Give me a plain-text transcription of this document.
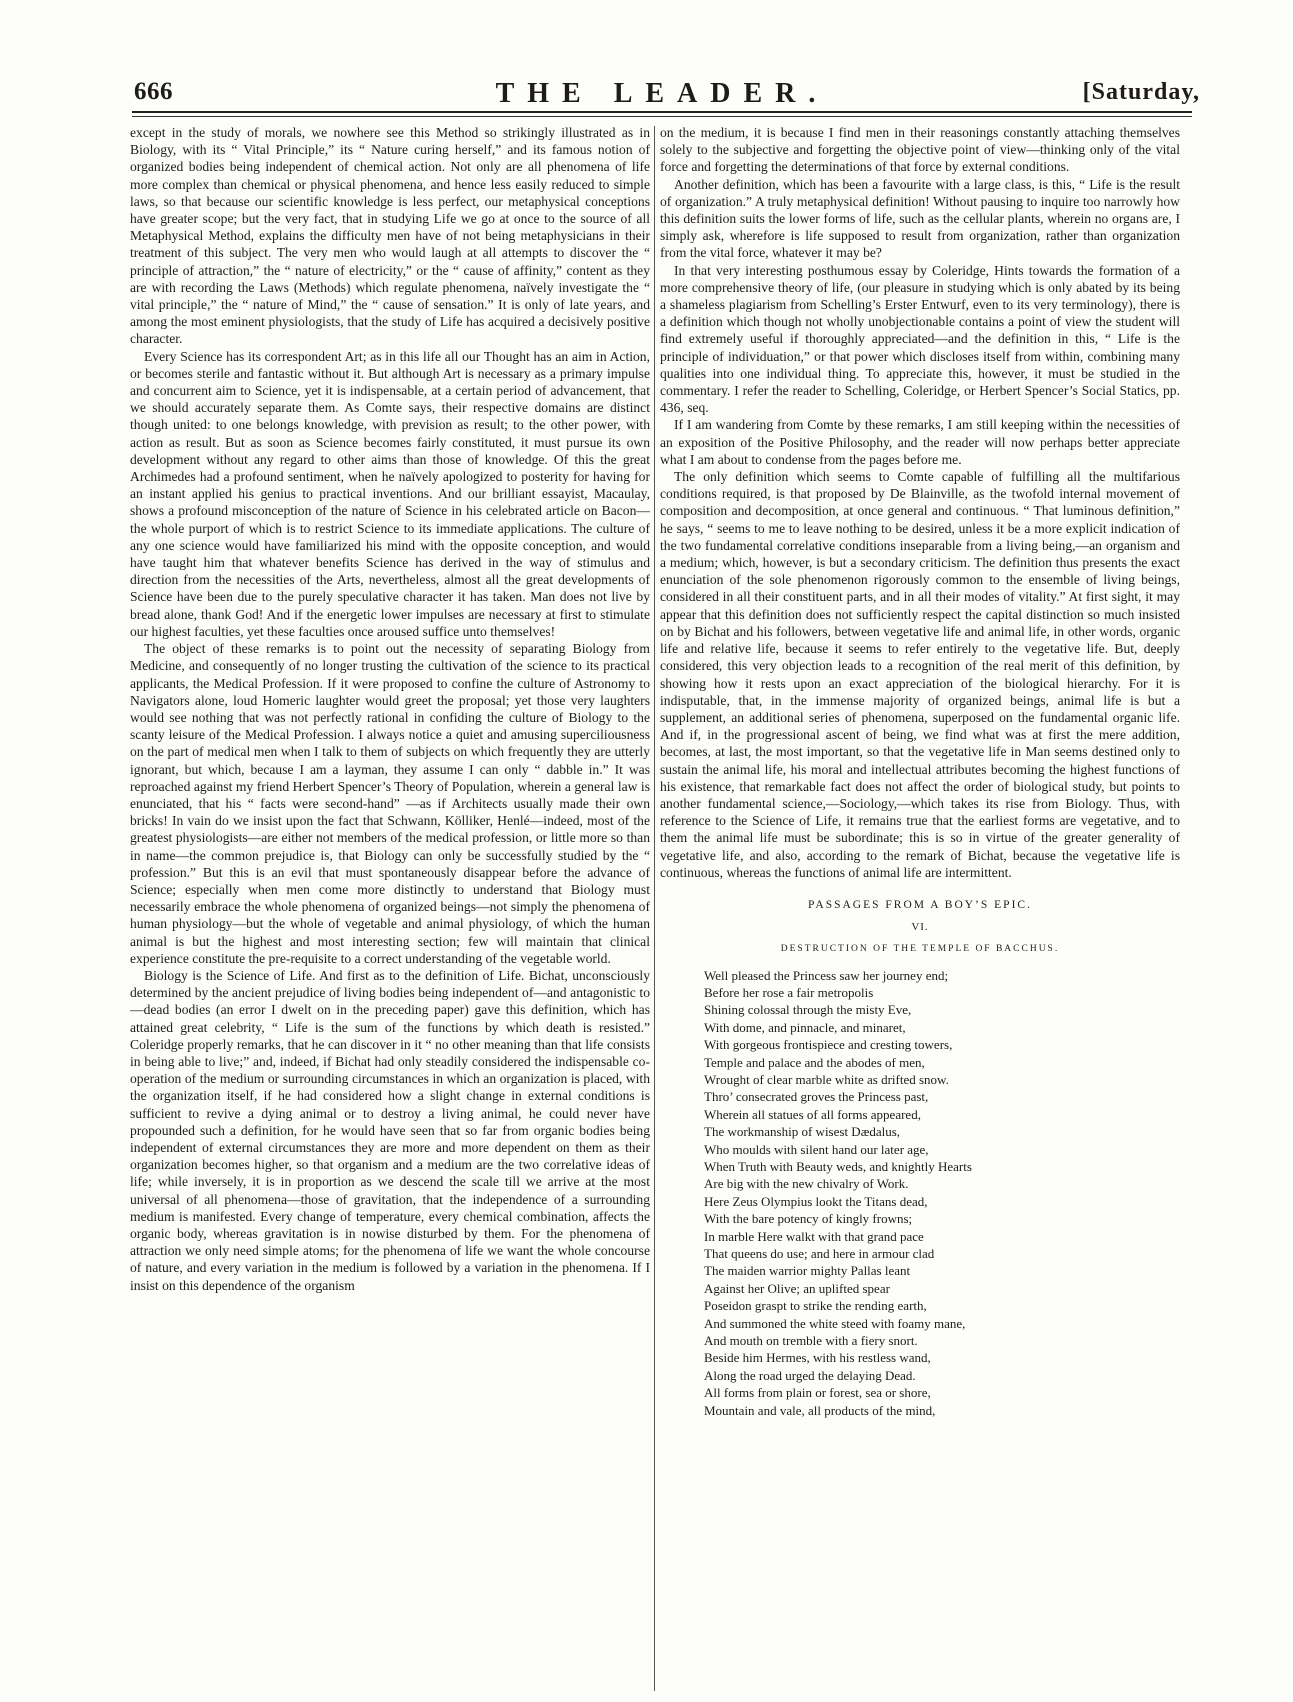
666	THE LEADER.	[Saturday,

except in the study of morals, we nowhere see this Method so strikingly illustrated as in Biology, with its “ Vital Principle,” its “ Nature curing herself,” and its famous notion of organized bodies being independent of chemical action. Not only are all phenomena of life more complex than chemical or physical phenomena, and hence less easily reduced to simple laws, so that because our scientific knowledge is less perfect, our metaphysical conceptions have greater scope; but the very fact, that in studying Life we go at once to the source of all Metaphysical Method, explains the difficulty men have of not being metaphysicians in their treatment of this subject. The very men who would laugh at all attempts to discover the “ principle of attraction,” the “ nature of electricity,” or the “ cause of affinity,” content as they are with recording the Laws (Methods) which regulate phenomena, naïvely investigate the “ vital principle,” the “ nature of Mind,” the “ cause of sensation.” It is only of late years, and among the most eminent physiologists, that the study of Life has acquired a decisively positive character.

Every Science has its correspondent Art; as in this life all our Thought has an aim in Action, or becomes sterile and fantastic without it. But although Art is necessary as a primary impulse and concurrent aim to Science, yet it is indispensable, at a certain period of advancement, that we should accurately separate them. As Comte says, their respective domains are distinct though united: to one belongs knowledge, with prevision as result; to the other power, with action as result. But as soon as Science becomes fairly constituted, it must pursue its own development without any regard to other aims than those of knowledge. Of this the great Archimedes had a profound sentiment, when he naïvely apologized to posterity for having for an instant applied his genius to practical inventions. And our brilliant essayist, Macaulay, shows a profound misconception of the nature of Science in his celebrated article on Bacon—the whole purport of which is to restrict Science to its immediate applications. The culture of any one science would have familiarized his mind with the opposite conception, and would have taught him that whatever benefits Science has derived in the way of stimulus and direction from the necessities of the Arts, nevertheless, almost all the great developments of Science have been due to the purely speculative character it has taken. Man does not live by bread alone, thank God! And if the energetic lower impulses are necessary at first to stimulate our highest faculties, yet these faculties once aroused suffice unto themselves!

The object of these remarks is to point out the necessity of separating Biology from Medicine, and consequently of no longer trusting the cultivation of the science to its practical applicants, the Medical Profession. If it were proposed to confine the culture of Astronomy to Navigators alone, loud Homeric laughter would greet the proposal; yet those very laughters would see nothing that was not perfectly rational in confiding the culture of Biology to the scanty leisure of the Medical Profession. I always notice a quiet and amusing superciliousness on the part of medical men when I talk to them of subjects on which frequently they are utterly ignorant, but which, because I am a layman, they assume I can only “ dabble in.” It was reproached against my friend Herbert Spencer’s Theory of Population, wherein a general law is enunciated, that his “ facts were second-hand” —as if Architects usually made their own bricks! In vain do we insist upon the fact that Schwann, Kölliker, Henlé—indeed, most of the greatest physiologists—are either not members of the medical profession, or little more so than in name—the common prejudice is, that Biology can only be successfully studied by the “ profession.” But this is an evil that must spontaneously disappear before the advance of Science; especially when men come more distinctly to understand that Biology must necessarily embrace the whole phenomena of organized beings—not simply the phenomena of human physiology—but the whole of vegetable and animal physiology, of which the human animal is but the highest and most interesting section; few will maintain that clinical experience constitute the pre-requisite to a correct understanding of the vegetable world.

Biology is the Science of Life. And first as to the definition of Life. Bichat, unconsciously determined by the ancient prejudice of living bodies being independent of—and antagonistic to—dead bodies (an error I dwelt on in the preceding paper) gave this definition, which has attained great celebrity, “ Life is the sum of the functions by which death is resisted.” Coleridge properly remarks, that he can discover in it “ no other meaning than that life consists in being able to live;” and, indeed, if Bichat had only steadily considered the indispensable co-operation of the medium or surrounding circumstances in which an organization is placed, with the organization itself, if he had considered how a slight change in external conditions is sufficient to revive a dying animal or to destroy a living animal, he could never have propounded such a definition, for he would have seen that so far from organic bodies being independent of external circumstances they are more and more dependent on them as their organization becomes higher, so that organism and a medium are the two correlative ideas of life; while inversely, it is in proportion as we descend the scale till we arrive at the most universal of all phenomena—those of gravitation, that the independence of a surrounding medium is manifested. Every change of temperature, every chemical combination, affects the organic body, whereas gravitation is in nowise disturbed by them. For the phenomena of attraction we only need simple atoms; for the phenomena of life we want the whole concourse of nature, and every variation in the medium is followed by a variation in the phenomena. If I insist on this dependence of the organism

on the medium, it is because I find men in their reasonings constantly attaching themselves solely to the subjective and forgetting the objective point of view—thinking only of the vital force and forgetting the determinations of that force by external conditions.

Another definition, which has been a favourite with a large class, is this, “ Life is the result of organization.” A truly metaphysical definition! Without pausing to inquire too narrowly how this definition suits the lower forms of life, such as the cellular plants, wherein no organs are, I simply ask, wherefore is life supposed to result from organization, rather than organization from the vital force, whatever it may be?

In that very interesting posthumous essay by Coleridge, Hints towards the formation of a more comprehensive theory of life, (our pleasure in studying which is only abated by its being a shameless plagiarism from Schelling’s Erster Entwurf, even to its very terminology), there is a definition which though not wholly unobjectionable contains a point of view the student will find extremely useful if thoroughly appreciated—and the definition in this, “ Life is the principle of individuation,” or that power which discloses itself from within, combining many qualities into one individual thing. To appreciate this, however, it must be studied in the commentary. I refer the reader to Schelling, Coleridge, or Herbert Spencer’s Social Statics, pp. 436, seq.

If I am wandering from Comte by these remarks, I am still keeping within the necessities of an exposition of the Positive Philosophy, and the reader will now perhaps better appreciate what I am about to condense from the pages before me.

The only definition which seems to Comte capable of fulfilling all the multifarious conditions required, is that proposed by De Blainville, as the twofold internal movement of composition and decomposition, at once general and continuous. “ That luminous definition,” he says, “ seems to me to leave nothing to be desired, unless it be a more explicit indication of the two fundamental correlative conditions inseparable from a living being,—an organism and a medium; which, however, is but a secondary criticism. The definition thus presents the exact enunciation of the sole phenomenon rigorously common to the ensemble of living beings, considered in all their constituent parts, and in all their modes of vitality.” At first sight, it may appear that this definition does not sufficiently respect the capital distinction so much insisted on by Bichat and his followers, between vegetative life and animal life, in other words, organic life and relative life, because it seems to refer entirely to the vegetative life. But, deeply considered, this very objection leads to a recognition of the real merit of this definition, by showing how it rests upon an exact appreciation of the biological hierarchy. For it is indisputable, that, in the immense majority of organized beings, animal life is but a supplement, an additional series of phenomena, superposed on the fundamental organic life. And if, in the progressional ascent of being, we find what was at first the mere addition, becomes, at last, the most important, so that the vegetative life in Man seems destined only to sustain the animal life, his moral and intellectual attributes becoming the highest functions of his existence, that remarkable fact does not affect the order of biological study, but points to another fundamental science,—Sociology,—which takes its rise from Biology. Thus, with reference to the Science of Life, it remains true that the earliest forms are vegetative, and to them the animal life must be subordinate; this is so in virtue of the greater generality of vegetative life, and also, according to the remark of Bichat, because the vegetative life is continuous, whereas the functions of animal life are intermittent.

PASSAGES FROM A BOY’S EPIC.
VI.
DESTRUCTION OF THE TEMPLE OF BACCHUS.
Well pleased the Princess saw her journey end;
Before her rose a fair metropolis
Shining colossal through the misty Eve,
With dome, and pinnacle, and minaret,
With gorgeous frontispiece and cresting towers,
Temple and palace and the abodes of men,
Wrought of clear marble white as drifted snow.
Thro’ consecrated groves the Princess past,
Wherein all statues of all forms appeared,
The workmanship of wisest Dædalus,
Who moulds with silent hand our later age,
When Truth with Beauty weds, and knightly Hearts
Are big with the new chivalry of Work.
Here Zeus Olympius lookt the Titans dead,
With the bare potency of kingly frowns;
In marble Here walkt with that grand pace
That queens do use; and here in armour clad
The maiden warrior mighty Pallas leant
Against her Olive; an uplifted spear
Poseidon graspt to strike the rending earth,
And summoned the white steed with foamy mane,
And mouth on tremble with a fiery snort.
Beside him Hermes, with his restless wand,
Along the road urged the delaying Dead.
All forms from plain or forest, sea or shore,
Mountain and vale, all products of the mind,
